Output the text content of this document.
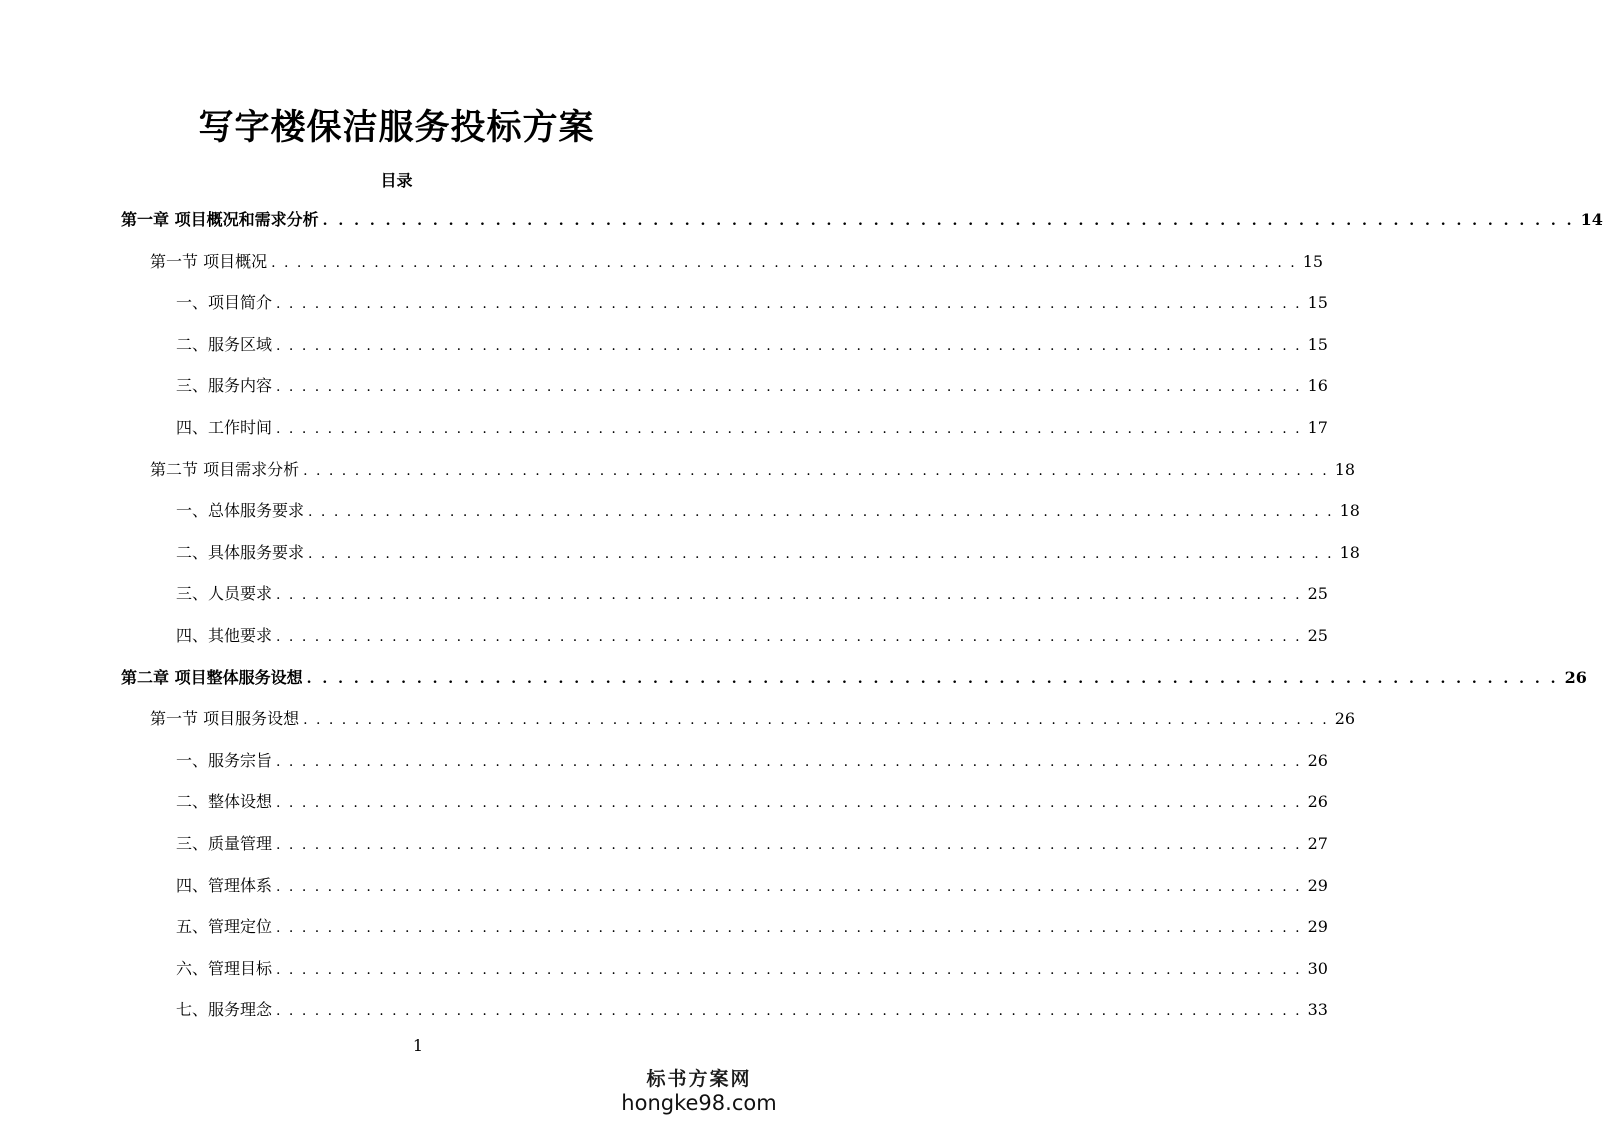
写字楼保洁服务投标方案
目录
第一章 项目概况和需求分析 . . . . . . . . . . . . . . . . . . . . . . . . . . . . . . . . . . . . . . . . . . . . . . . . . . . . . . . . . . . . . . . . . . . . . . . . . . . . . . . . 14
第一节 项目概况 . . . . . . . . . . . . . . . . . . . . . . . . . . . . . . . . . . . . . . . . . . . . . . . . . . . . . . . . . . . . . . . . . . . . . . . . . . . . . . . . 15
一、项目简介 . . . . . . . . . . . . . . . . . . . . . . . . . . . . . . . . . . . . . . . . . . . . . . . . . . . . . . . . . . . . . . . . . . . . . . . . . . . . . . . . 15
二、服务区域 . . . . . . . . . . . . . . . . . . . . . . . . . . . . . . . . . . . . . . . . . . . . . . . . . . . . . . . . . . . . . . . . . . . . . . . . . . . . . . . . 15
三、服务内容 . . . . . . . . . . . . . . . . . . . . . . . . . . . . . . . . . . . . . . . . . . . . . . . . . . . . . . . . . . . . . . . . . . . . . . . . . . . . . . . . 16
四、工作时间 . . . . . . . . . . . . . . . . . . . . . . . . . . . . . . . . . . . . . . . . . . . . . . . . . . . . . . . . . . . . . . . . . . . . . . . . . . . . . . . . 17
第二节 项目需求分析 . . . . . . . . . . . . . . . . . . . . . . . . . . . . . . . . . . . . . . . . . . . . . . . . . . . . . . . . . . . . . . . . . . . . . . . . . . . . . . . . 18
一、总体服务要求 . . . . . . . . . . . . . . . . . . . . . . . . . . . . . . . . . . . . . . . . . . . . . . . . . . . . . . . . . . . . . . . . . . . . . . . . . . . . . . . . 18
二、具体服务要求 . . . . . . . . . . . . . . . . . . . . . . . . . . . . . . . . . . . . . . . . . . . . . . . . . . . . . . . . . . . . . . . . . . . . . . . . . . . . . . . . 18
三、人员要求 . . . . . . . . . . . . . . . . . . . . . . . . . . . . . . . . . . . . . . . . . . . . . . . . . . . . . . . . . . . . . . . . . . . . . . . . . . . . . . . . 25
四、其他要求 . . . . . . . . . . . . . . . . . . . . . . . . . . . . . . . . . . . . . . . . . . . . . . . . . . . . . . . . . . . . . . . . . . . . . . . . . . . . . . . . 25
第二章 项目整体服务设想 . . . . . . . . . . . . . . . . . . . . . . . . . . . . . . . . . . . . . . . . . . . . . . . . . . . . . . . . . . . . . . . . . . . . . . . . . . . . . . . . 26
第一节 项目服务设想 . . . . . . . . . . . . . . . . . . . . . . . . . . . . . . . . . . . . . . . . . . . . . . . . . . . . . . . . . . . . . . . . . . . . . . . . . . . . . . . . 26
一、服务宗旨 . . . . . . . . . . . . . . . . . . . . . . . . . . . . . . . . . . . . . . . . . . . . . . . . . . . . . . . . . . . . . . . . . . . . . . . . . . . . . . . . 26
二、整体设想 . . . . . . . . . . . . . . . . . . . . . . . . . . . . . . . . . . . . . . . . . . . . . . . . . . . . . . . . . . . . . . . . . . . . . . . . . . . . . . . . 26
三、质量管理 . . . . . . . . . . . . . . . . . . . . . . . . . . . . . . . . . . . . . . . . . . . . . . . . . . . . . . . . . . . . . . . . . . . . . . . . . . . . . . . . 27
四、管理体系 . . . . . . . . . . . . . . . . . . . . . . . . . . . . . . . . . . . . . . . . . . . . . . . . . . . . . . . . . . . . . . . . . . . . . . . . . . . . . . . . 29
五、管理定位 . . . . . . . . . . . . . . . . . . . . . . . . . . . . . . . . . . . . . . . . . . . . . . . . . . . . . . . . . . . . . . . . . . . . . . . . . . . . . . . . 29
六、管理目标 . . . . . . . . . . . . . . . . . . . . . . . . . . . . . . . . . . . . . . . . . . . . . . . . . . . . . . . . . . . . . . . . . . . . . . . . . . . . . . . . 30
七、服务理念 . . . . . . . . . . . . . . . . . . . . . . . . . . . . . . . . . . . . . . . . . . . . . . . . . . . . . . . . . . . . . . . . . . . . . . . . . . . . . . . . 33
1
标书方案网
hongke98.com
